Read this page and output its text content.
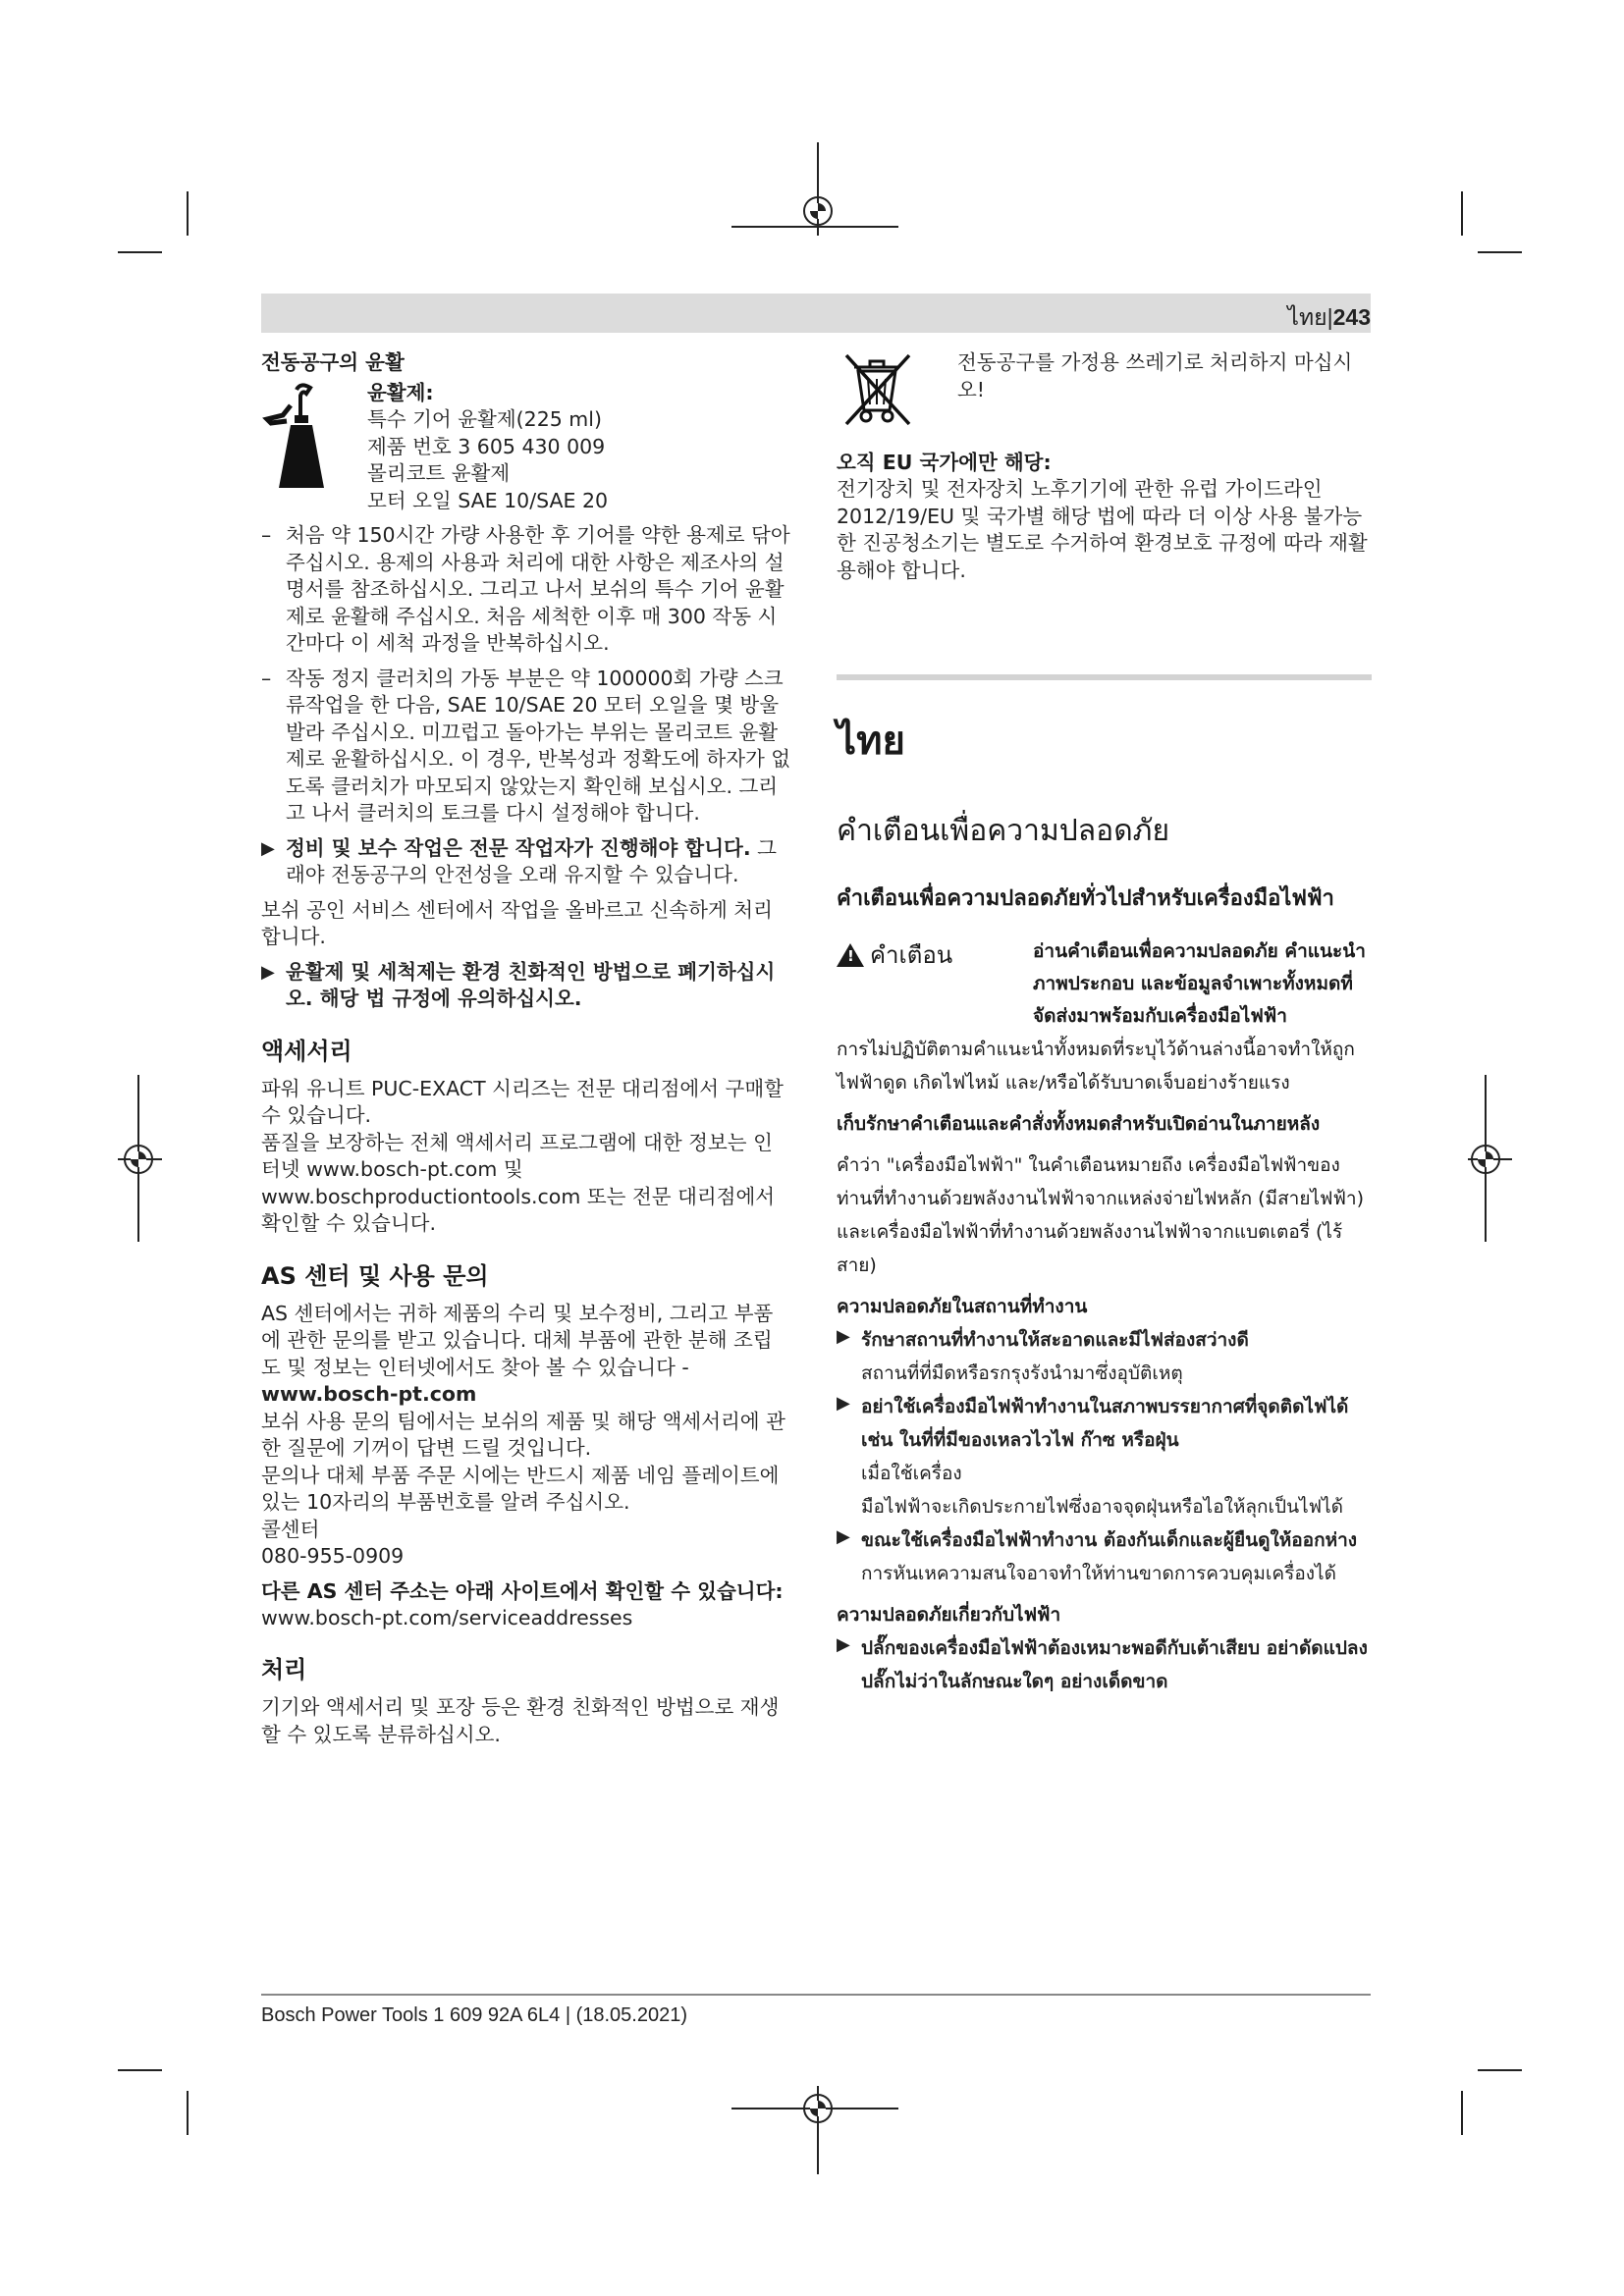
ไทย|243

전동공구의 윤활

윤활제:

특수 기어 윤활제(225 ml)

제품 번호 3 605 430 009

몰리코트 윤활제

모터 오일 SAE 10/SAE 20

– 처음 약 150시간 가량 사용한 후 기어를 약한 용제로 닦아 주십시오. 용제의 사용과 처리에 대한 사항은 제조사의 설명서를 참조하십시오. 그리고 나서 보쉬의 특수 기어 윤활제로 윤활해 주십시오. 처음 세척한 이후 매 300 작동 시간마다 이 세척 과정을 반복하십시오.
– 작동 정지 클러치의 가동 부분은 약 100000회 가량 스크류작업을 한 다음, SAE 10/SAE 20 모터 오일을 몇 방울 발라 주십시오. 미끄럽고 돌아가는 부위는 몰리코트 윤활제로 윤활하십시오. 이 경우, 반복성과 정확도에 하자가 없도록 클러치가 마모되지 않았는지 확인해 보십시오. 그리고 나서 클러치의 토크를 다시 설정해야 합니다.
▶ 정비 및 보수 작업은 전문 작업자가 진행해야 합니다. 그래야 전동공구의 안전성을 오래 유지할 수 있습니다.

보쉬 공인 서비스 센터에서 작업을 올바르고 신속하게 처리합니다.

▶ 윤활제 및 세척제는 환경 친화적인 방법으로 폐기하십시오. 해당 법 규정에 유의하십시오.

액세서리

파워 유니트 PUC-EXACT 시리즈는 전문 대리점에서 구매할 수 있습니다.

품질을 보장하는 전체 액세서리 프로그램에 대한 정보는 인터넷 www.bosch-pt.com 및 www.boschproductiontools.com 또는 전문 대리점에서 확인할 수 있습니다.

AS 센터 및 사용 문의

AS 센터에서는 귀하 제품의 수리 및 보수정비, 그리고 부품에 관한 문의를 받고 있습니다. 대체 부품에 관한 분해 조립도 및 정보는 인터넷에서도 찾아 볼 수 있습니다 - www.bosch-pt.com

보쉬 사용 문의 팀에서는 보쉬의 제품 및 해당 액세서리에 관한 질문에 기꺼이 답변 드릴 것입니다.

문의나 대체 부품 주문 시에는 반드시 제품 네임 플레이트에 있는 10자리의 부품번호를 알려 주십시오.

콜센터

080-955-0909

다른 AS 센터 주소는 아래 사이트에서 확인할 수 있습니다:

www.bosch-pt.com/serviceaddresses

처리

기기와 액세서리 및 포장 등은 환경 친화적인 방법으로 재생할 수 있도록 분류하십시오.

전동공구를 가정용 쓰레기로 처리하지 마십시오!

오직 EU 국가에만 해당:

전기장치 및 전자장치 노후기기에 관한 유럽 가이드라인 2012/19/EU 및 국가별 해당 법에 따라 더 이상 사용 불가능한 진공청소기는 별도로 수거하여 환경보호 규정에 따라 재활용해야 합니다.

ไทย

คำเตือนเพื่อความปลอดภัย

คำเตือนเพื่อความปลอดภัยทั่วไปสำหรับเครื่องมือไฟฟ้า

!
คำเตือน	อ่านคำเตือนเพื่อความปลอดภัย คำแนะนำ ภาพประกอบ และข้อมูลจำเพาะทั้งหมดที่จัดส่งมาพร้อมกับเครื่องมือไฟฟ้า

การไม่ปฏิบัติตามคำแนะนำทั้งหมดที่ระบุไว้ด้านล่างนี้อาจทำให้ถูกไฟฟ้าดูด เกิดไฟไหม้ และ/หรือได้รับบาดเจ็บอย่างร้ายแรง

เก็บรักษาคำเตือนและคำสั่งทั้งหมดสำหรับเปิดอ่านในภายหลัง

คำว่า "เครื่องมือไฟฟ้า" ในคำเตือนหมายถึง เครื่องมือไฟฟ้าของท่านที่ทำงานด้วยพลังงานไฟฟ้าจากแหล่งจ่ายไฟหลัก (มีสายไฟฟ้า) และเครื่องมือไฟฟ้าที่ทำงานด้วยพลังงานไฟฟ้าจากแบตเตอรี่ (ไร้สาย)

ความปลอดภัยในสถานที่ทำงาน

▶ รักษาสถานที่ทำงานให้สะอาดและมีไฟส่องสว่างดี

สถานที่ที่มืดหรือรกรุงรังนำมาซึ่งอุบัติเหตุ

▶ อย่าใช้เครื่องมือไฟฟ้าทำงานในสภาพบรรยากาศที่จุดติดไฟได้ เช่น ในที่ที่มีของเหลวไวไฟ ก๊าซ หรือฝุ่น

เมื่อใช้เครื่อง

มือไฟฟ้าจะเกิดประกายไฟซึ่งอาจจุดฝุ่นหรือไอให้ลุกเป็นไฟได้

▶ ขณะใช้เครื่องมือไฟฟ้าทำงาน ต้องกันเด็กและผู้ยืนดูให้ออกห่าง

การหันเหความสนใจอาจทำให้ท่านขาดการควบคุมเครื่องได้

ความปลอดภัยเกี่ยวกับไฟฟ้า

▶ ปลั๊กของเครื่องมือไฟฟ้าต้องเหมาะพอดีกับเต้าเสียบ อย่าดัดแปลงปลั๊กไม่ว่าในลักษณะใดๆ อย่างเด็ดขาด

Bosch Power Tools 1 609 92A 6L4 | (18.05.2021)
